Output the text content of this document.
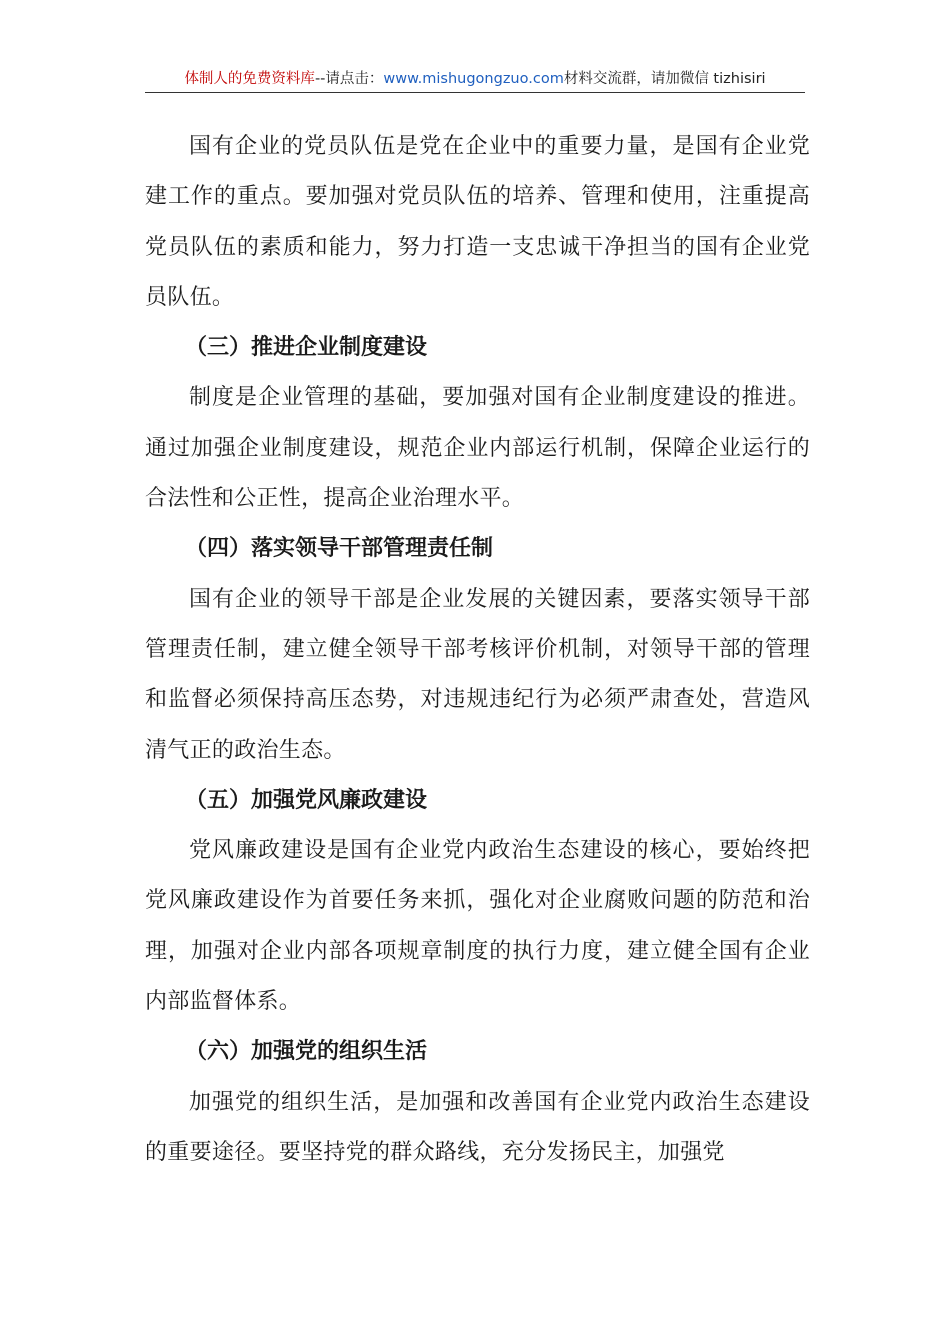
体制人的免费资料库--请点击：www.mishugongzuo.com材料交流群，请加微信 tizhisiri

国有企业的党员队伍是党在企业中的重要力量，是国有企业党建工作的重点。要加强对党员队伍的培养、管理和使用，注重提高党员队伍的素质和能力，努力打造一支忠诚干净担当的国有企业党员队伍。

（三）推进企业制度建设

制度是企业管理的基础，要加强对国有企业制度建设的推进。通过加强企业制度建设，规范企业内部运行机制，保障企业运行的合法性和公正性，提高企业治理水平。

（四）落实领导干部管理责任制

国有企业的领导干部是企业发展的关键因素，要落实领导干部管理责任制，建立健全领导干部考核评价机制，对领导干部的管理和监督必须保持高压态势，对违规违纪行为必须严肃查处，营造风清气正的政治生态。

（五）加强党风廉政建设

党风廉政建设是国有企业党内政治生态建设的核心，要始终把党风廉政建设作为首要任务来抓，强化对企业腐败问题的防范和治理，加强对企业内部各项规章制度的执行力度，建立健全国有企业内部监督体系。

（六）加强党的组织生活

加强党的组织生活，是加强和改善国有企业党内政治生态建设的重要途径。要坚持党的群众路线，充分发扬民主，加强党
